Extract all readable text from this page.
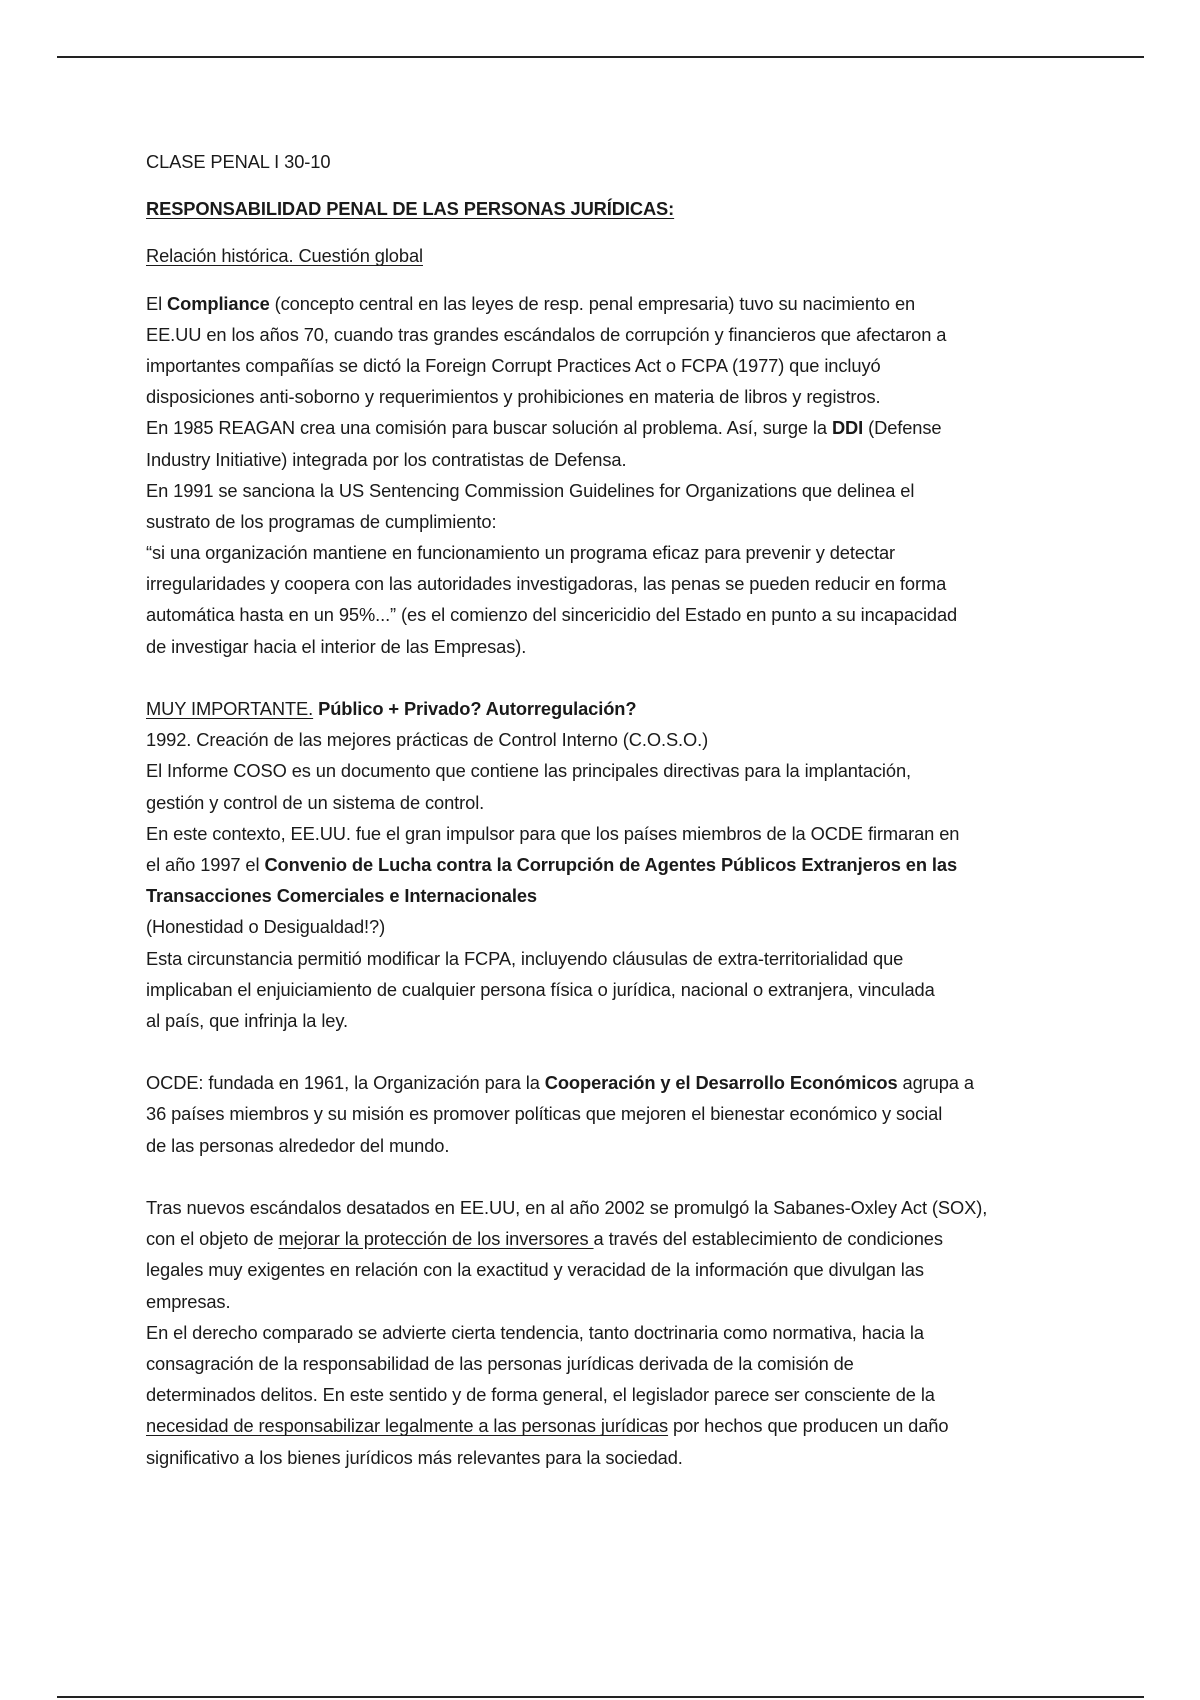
CLASE PENAL I 30-10
RESPONSABILIDAD PENAL DE LAS PERSONAS JURÍDICAS:
Relación histórica. Cuestión global
El Compliance (concepto central en las leyes de resp. penal empresaria) tuvo su nacimiento en
EE.UU en los años 70, cuando tras grandes escándalos de corrupción y financieros que afectaron a
importantes compañías se dictó la Foreign Corrupt Practices Act o FCPA (1977) que incluyó
disposiciones anti-soborno y requerimientos y prohibiciones en materia de libros y registros.
En 1985 REAGAN crea una comisión para buscar solución al problema. Así, surge la DDI (Defense
Industry Initiative) integrada por los contratistas de Defensa.
En 1991 se sanciona la US Sentencing Commission Guidelines for Organizations que delinea el
sustrato de los programas de cumplimiento:
“si una organización mantiene en funcionamiento un programa eficaz para prevenir y detectar
irregularidades y coopera con las autoridades investigadoras, las penas se pueden reducir en forma
automática hasta en un 95%...” (es el comienzo del sincericidio del Estado en punto a su incapacidad
de investigar hacia el interior de las Empresas).
MUY IMPORTANTE. Público + Privado? Autorregulación?
1992. Creación de las mejores prácticas de Control Interno (C.O.S.O.)
El Informe COSO es un documento que contiene las principales directivas para la implantación,
gestión y control de un sistema de control.
En este contexto, EE.UU. fue el gran impulsor para que los países miembros de la OCDE firmaran en
el año 1997 el Convenio de Lucha contra la Corrupción de Agentes Públicos Extranjeros en las
Transacciones Comerciales e Internacionales
(Honestidad o Desigualdad!?)
Esta circunstancia permitió modificar la FCPA, incluyendo cláusulas de extra-territorialidad que
implicaban el enjuiciamiento de cualquier persona física o jurídica, nacional o extranjera, vinculada
al país, que infrinja la ley.
OCDE: fundada en 1961, la Organización para la Cooperación y el Desarrollo Económicos agrupa a
36 países miembros y su misión es promover políticas que mejoren el bienestar económico y social
de las personas alrededor del mundo.
Tras nuevos escándalos desatados en EE.UU, en al año 2002 se promulgó la Sabanes-Oxley Act (SOX),
con el objeto de mejorar la protección de los inversores a través del establecimiento de condiciones
legales muy exigentes en relación con la exactitud y veracidad de la información que divulgan las
empresas.
En el derecho comparado se advierte cierta tendencia, tanto doctrinaria como normativa, hacia la
consagración de la responsabilidad de las personas jurídicas derivada de la comisión de
determinados delitos. En este sentido y de forma general, el legislador parece ser consciente de la
necesidad de responsabilizar legalmente a las personas jurídicas por hechos que producen un daño
significativo a los bienes jurídicos más relevantes para la sociedad.
